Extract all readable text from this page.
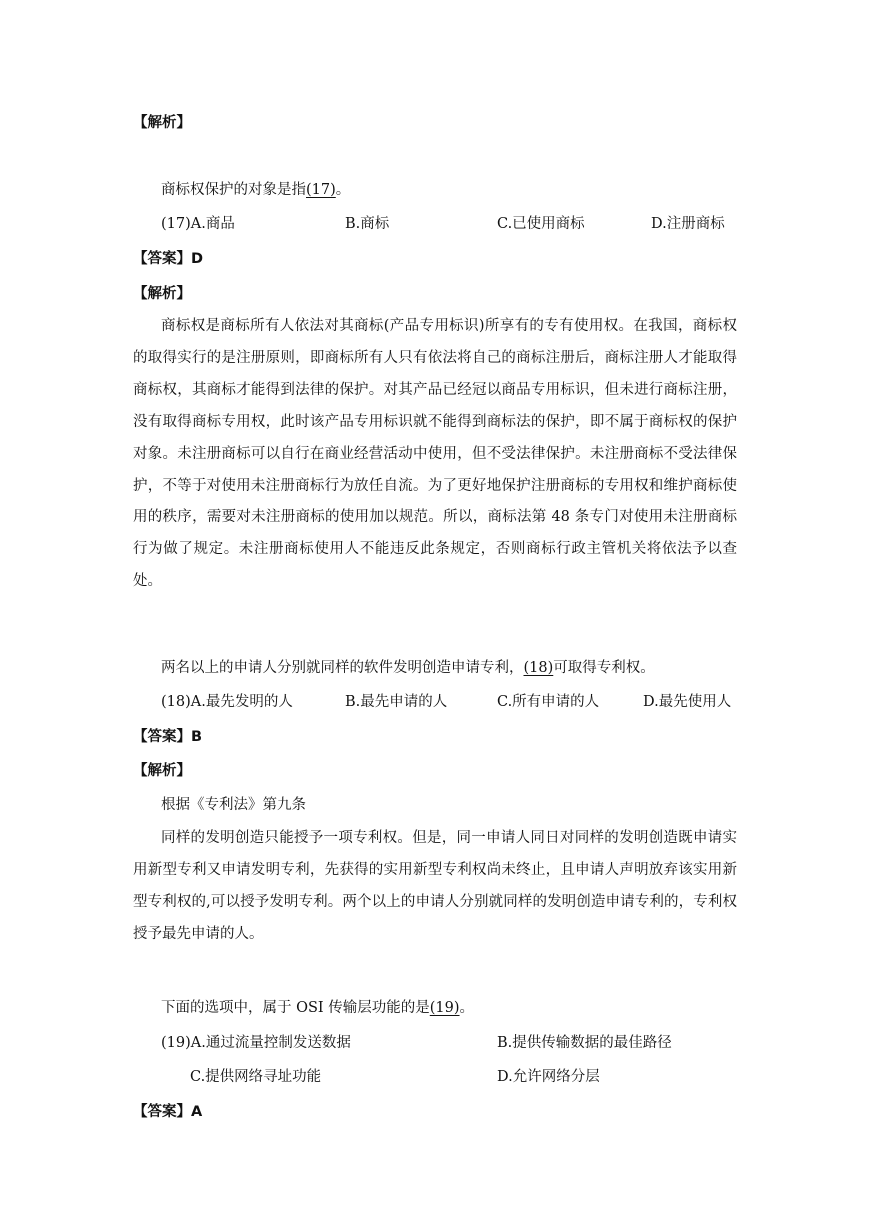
【解析】
商标权保护的对象是指(17)。
(17)A.商品	B.商标	C.已使用商标	D.注册商标
【答案】D
【解析】
商标权是商标所有人依法对其商标(产品专用标识)所享有的专有使用权。在我国，商标权的取得实行的是注册原则，即商标所有人只有依法将自己的商标注册后，商标注册人才能取得商标权，其商标才能得到法律的保护。对其产品已经冠以商品专用标识，但未进行商标注册，没有取得商标专用权，此时该产品专用标识就不能得到商标法的保护，即不属于商标权的保护对象。未注册商标可以自行在商业经营活动中使用，但不受法律保护。未注册商标不受法律保护，不等于对使用未注册商标行为放任自流。为了更好地保护注册商标的专用权和维护商标使用的秩序，需要对未注册商标的使用加以规范。所以，商标法第 48 条专门对使用未注册商标行为做了规定。未注册商标使用人不能违反此条规定，否则商标行政主管机关将依法予以查处。
两名以上的申请人分别就同样的软件发明创造申请专利，(18)可取得专利权。
(18)A.最先发明的人	B.最先申请的人	C.所有申请的人	D.最先使用人
【答案】B
【解析】
根据《专利法》第九条
同样的发明创造只能授予一项专利权。但是，同一申请人同日对同样的发明创造既申请实用新型专利又申请发明专利，先获得的实用新型专利权尚未终止，且申请人声明放弃该实用新型专利权的,可以授予发明专利。两个以上的申请人分别就同样的发明创造申请专利的，专利权授予最先申请的人。
下面的选项中，属于 OSI 传输层功能的是(19)。
(19)A.通过流量控制发送数据	B.提供传输数据的最佳路径
C.提供网络寻址功能	D.允许网络分层
【答案】A
